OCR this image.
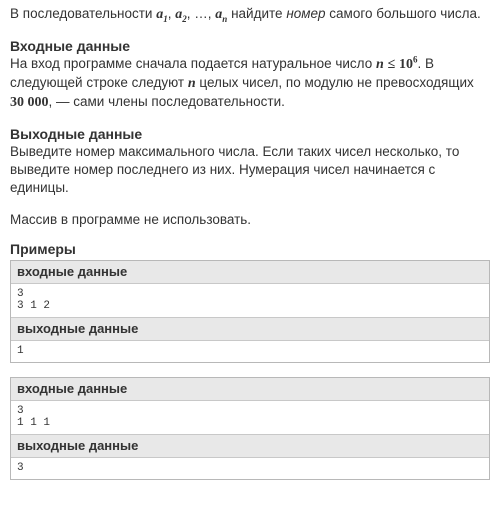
В последовательности $a_1$, $a_2$, …, $a_n$ найдите номер самого большого числа.

Входные данные

На вход программе сначала подается натуральное число $n \le 10^6$. В следующей строке следуют n целых чисел, по модулю не превосходящих 30 000, — сами члены последовательности.

Выходные данные

Выведите номер максимального числа. Если таких чисел несколько, то выведите номер последнего из них. Нумерация чисел начинается с единицы.

Массив в программе не использовать.

Примеры
входные данные
3
3 1 2
выходные данные
1
входные данные
3
1 1 1
выходные данные
3
